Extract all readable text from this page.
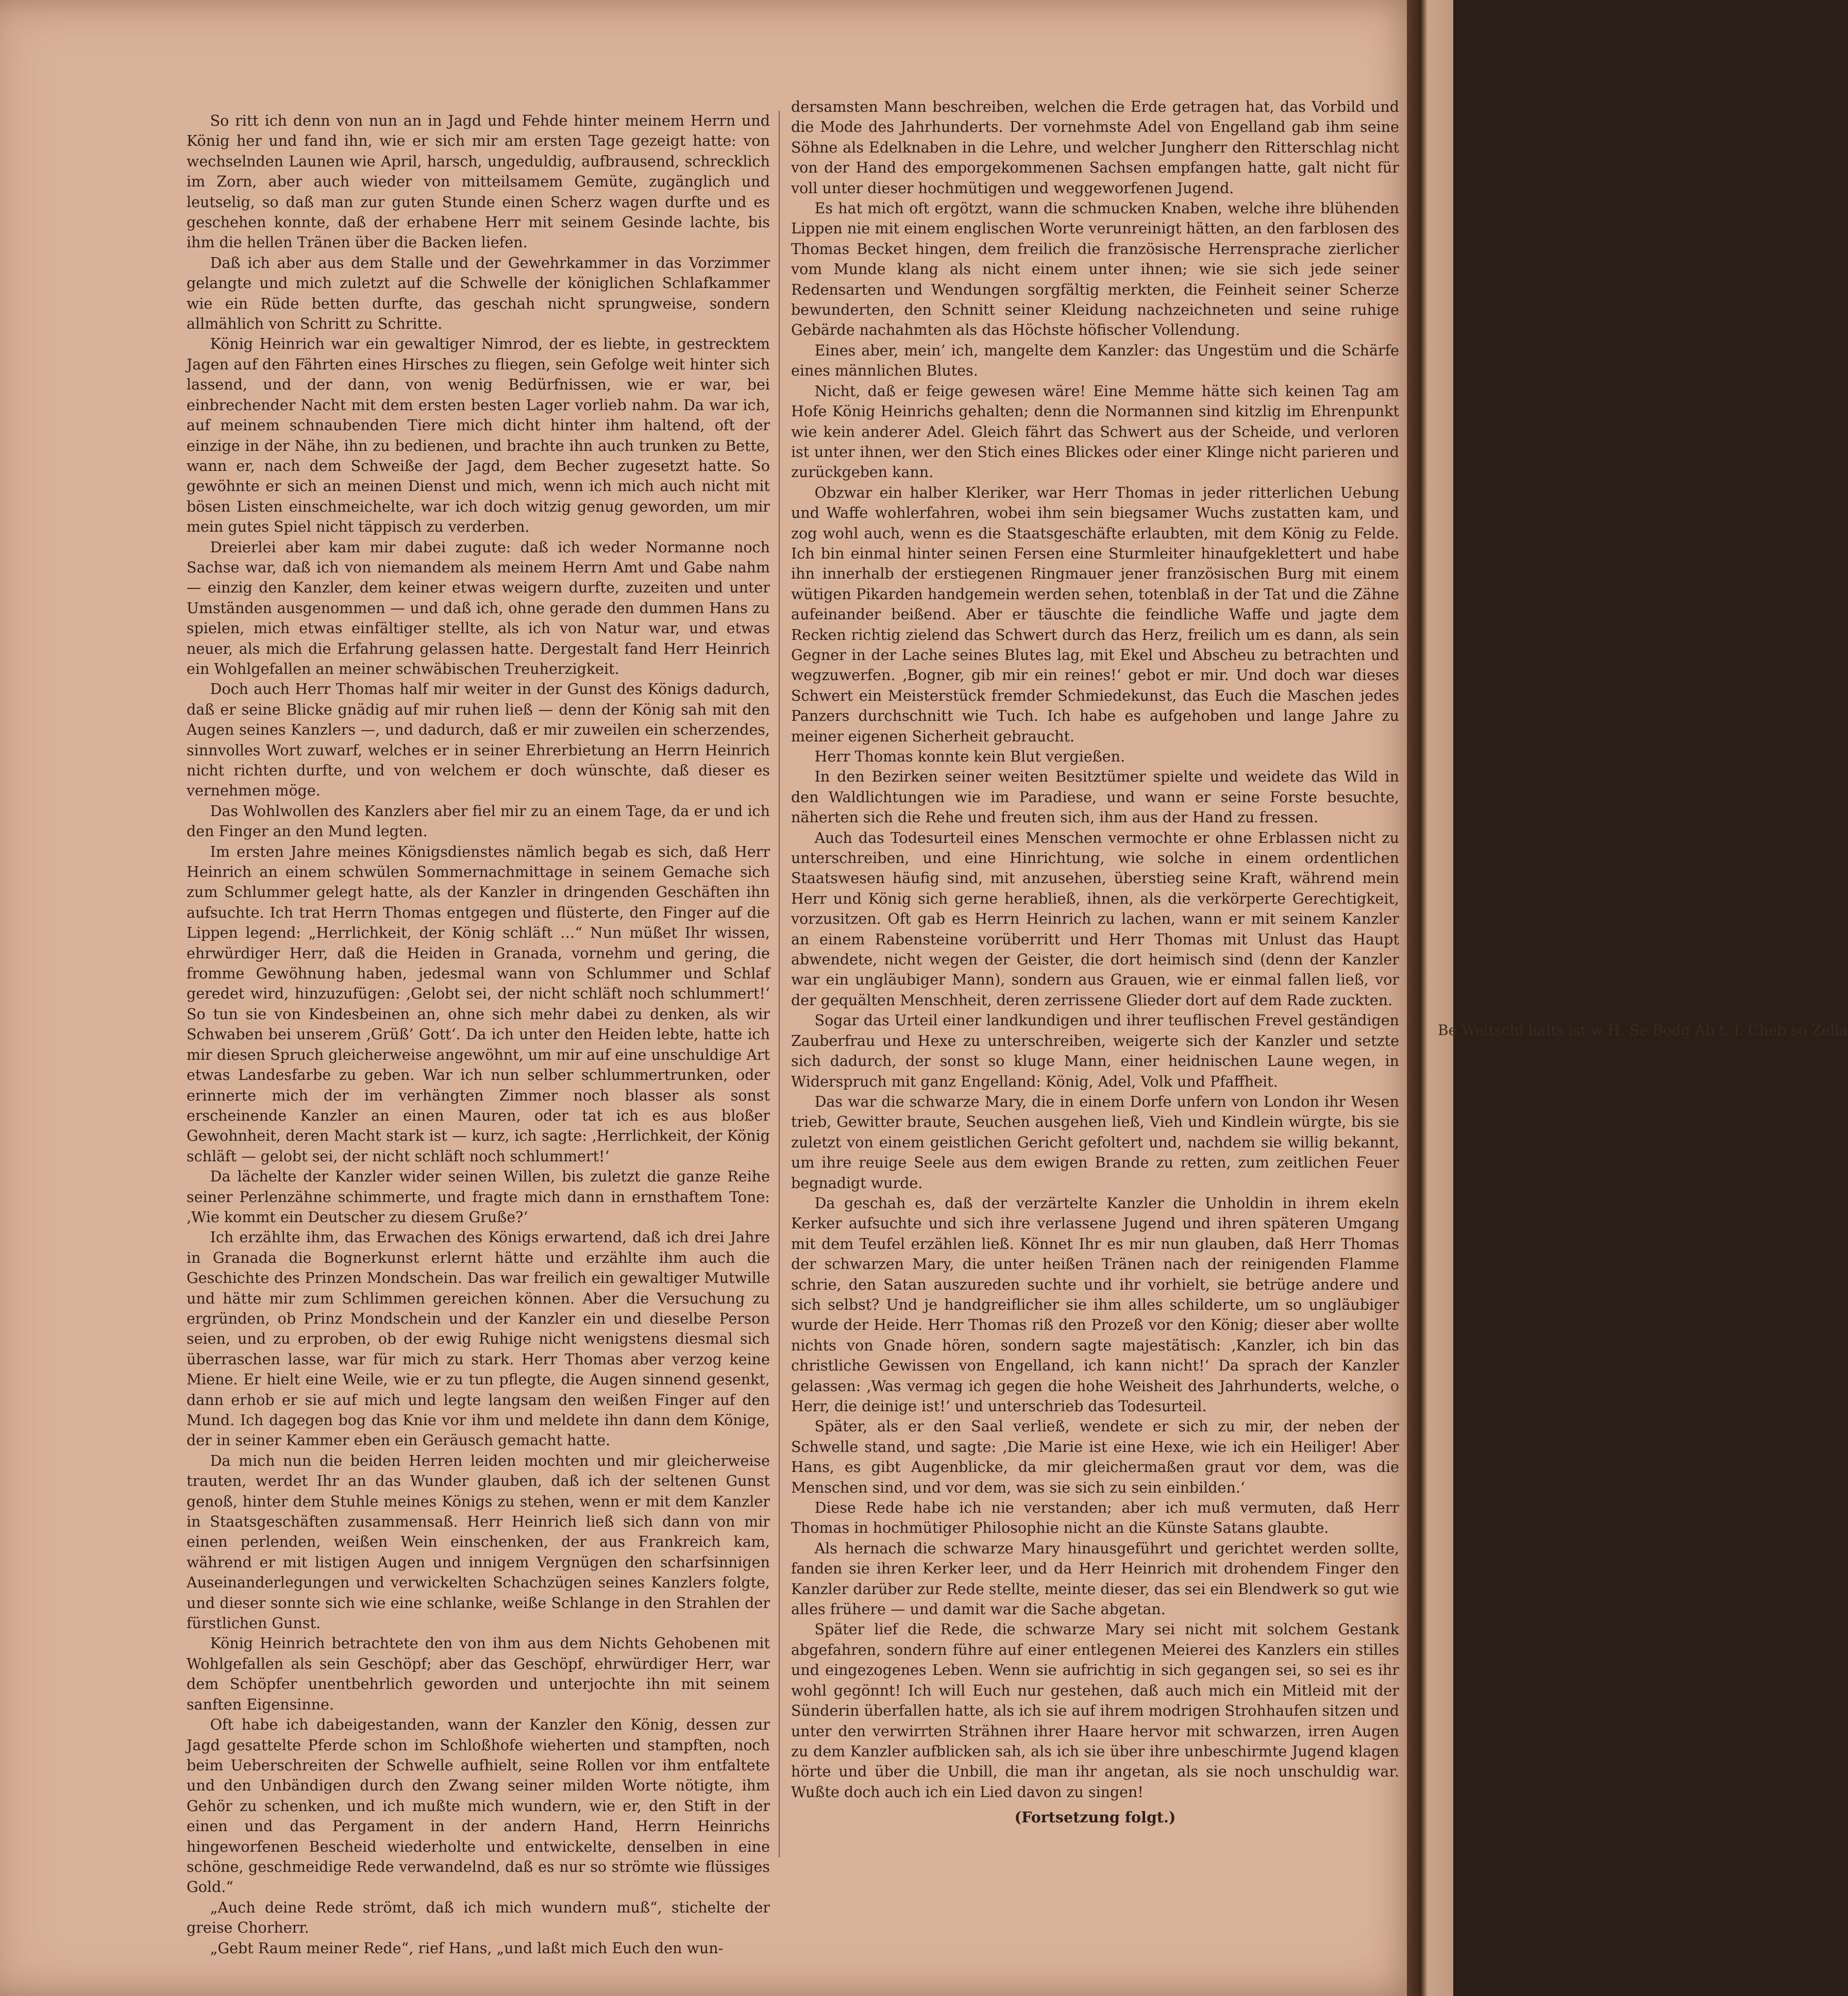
Be Weitschi halts ist w H. Se Bodg Ab t. f. Cheb so Zella

So ritt ich denn von nun an in Jagd und Fehde hinter meinem Herrn und König her und fand ihn, wie er sich mir am ersten Tage gezeigt hatte: von wechselnden Launen wie April, harsch, ungeduldig, aufbrausend, schrecklich im Zorn, aber auch wieder von mitteilsamem Gemüte, zugänglich und leutselig, so daß man zur guten Stunde einen Scherz wagen durfte und es geschehen konnte, daß der erhabene Herr mit seinem Gesinde lachte, bis ihm die hellen Tränen über die Backen liefen.

Daß ich aber aus dem Stalle und der Gewehrkammer in das Vorzimmer gelangte und mich zuletzt auf die Schwelle der königlichen Schlafkammer wie ein Rüde betten durfte, das geschah nicht sprungweise, sondern allmählich von Schritt zu Schritte.

König Heinrich war ein gewaltiger Nimrod, der es liebte, in gestrecktem Jagen auf den Fährten eines Hirsches zu fliegen, sein Gefolge weit hinter sich lassend, und der dann, von wenig Bedürfnissen, wie er war, bei einbrechender Nacht mit dem ersten besten Lager vorlieb nahm. Da war ich, auf meinem schnaubenden Tiere mich dicht hinter ihm haltend, oft der einzige in der Nähe, ihn zu bedienen, und brachte ihn auch trunken zu Bette, wann er, nach dem Schweiße der Jagd, dem Becher zugesetzt hatte. So gewöhnte er sich an meinen Dienst und mich, wenn ich mich auch nicht mit bösen Listen einschmeichelte, war ich doch witzig genug geworden, um mir mein gutes Spiel nicht täppisch zu verderben.

Dreierlei aber kam mir dabei zugute: daß ich weder Normanne noch Sachse war, daß ich von niemandem als meinem Herrn Amt und Gabe nahm — einzig den Kanzler, dem keiner etwas weigern durfte, zuzeiten und unter Umständen ausgenommen — und daß ich, ohne gerade den dummen Hans zu spielen, mich etwas einfältiger stellte, als ich von Natur war, und etwas neuer, als mich die Erfahrung gelassen hatte. Dergestalt fand Herr Heinrich ein Wohlgefallen an meiner schwäbischen Treuherzigkeit.

Doch auch Herr Thomas half mir weiter in der Gunst des Königs dadurch, daß er seine Blicke gnädig auf mir ruhen ließ — denn der König sah mit den Augen seines Kanzlers —, und dadurch, daß er mir zuweilen ein scherzendes, sinnvolles Wort zuwarf, welches er in seiner Ehrerbietung an Herrn Heinrich nicht richten durfte, und von welchem er doch wünschte, daß dieser es vernehmen möge.

Das Wohlwollen des Kanzlers aber fiel mir zu an einem Tage, da er und ich den Finger an den Mund legten.

Im ersten Jahre meines Königsdienstes nämlich begab es sich, daß Herr Heinrich an einem schwülen Sommernachmittage in seinem Gemache sich zum Schlummer gelegt hatte, als der Kanzler in dringenden Geschäften ihn aufsuchte. Ich trat Herrn Thomas entgegen und flüsterte, den Finger auf die Lippen legend: „Herrlichkeit, der König schläft …“ Nun müßet Ihr wissen, ehrwürdiger Herr, daß die Heiden in Granada, vornehm und gering, die fromme Gewöhnung haben, jedesmal wann von Schlummer und Schlaf geredet wird, hinzuzufügen: ‚Gelobt sei, der nicht schläft noch schlummert!‘ So tun sie von Kindesbeinen an, ohne sich mehr dabei zu denken, als wir Schwaben bei unserem ‚Grüß’ Gott‘. Da ich unter den Heiden lebte, hatte ich mir diesen Spruch gleicherweise angewöhnt, um mir auf eine unschuldige Art etwas Landesfarbe zu geben. War ich nun selber schlummertrunken, oder erinnerte mich der im verhängten Zimmer noch blasser als sonst erscheinende Kanzler an einen Mauren, oder tat ich es aus bloßer Gewohnheit, deren Macht stark ist — kurz, ich sagte: ‚Herrlichkeit, der König schläft — gelobt sei, der nicht schläft noch schlummert!‘

Da lächelte der Kanzler wider seinen Willen, bis zuletzt die ganze Reihe seiner Perlenzähne schimmerte, und fragte mich dann in ernsthaftem Tone: ‚Wie kommt ein Deutscher zu diesem Gruße?‘

Ich erzählte ihm, das Erwachen des Königs erwartend, daß ich drei Jahre in Granada die Bognerkunst erlernt hätte und erzählte ihm auch die Geschichte des Prinzen Mondschein. Das war freilich ein gewaltiger Mutwille und hätte mir zum Schlimmen gereichen können. Aber die Versuchung zu ergründen, ob Prinz Mondschein und der Kanzler ein und dieselbe Person seien, und zu erproben, ob der ewig Ruhige nicht wenigstens diesmal sich überraschen lasse, war für mich zu stark. Herr Thomas aber verzog keine Miene. Er hielt eine Weile, wie er zu tun pflegte, die Augen sinnend gesenkt, dann erhob er sie auf mich und legte langsam den weißen Finger auf den Mund. Ich dagegen bog das Knie vor ihm und meldete ihn dann dem Könige, der in seiner Kammer eben ein Geräusch gemacht hatte.

Da mich nun die beiden Herren leiden mochten und mir gleicherweise trauten, werdet Ihr an das Wunder glauben, daß ich der seltenen Gunst genoß, hinter dem Stuhle meines Königs zu stehen, wenn er mit dem Kanzler in Staatsgeschäften zusammensaß. Herr Heinrich ließ sich dann von mir einen perlenden, weißen Wein einschenken, der aus Frankreich kam, während er mit listigen Augen und innigem Vergnügen den scharfsinnigen Auseinanderlegungen und verwickelten Schachzügen seines Kanzlers folgte, und dieser sonnte sich wie eine schlanke, weiße Schlange in den Strahlen der fürstlichen Gunst.

König Heinrich betrachtete den von ihm aus dem Nichts Gehobenen mit Wohlgefallen als sein Geschöpf; aber das Geschöpf, ehrwürdiger Herr, war dem Schöpfer unentbehrlich geworden und unterjochte ihn mit seinem sanften Eigensinne.

Oft habe ich dabeigestanden, wann der Kanzler den König, dessen zur Jagd gesattelte Pferde schon im Schloßhofe wieherten und stampften, noch beim Ueberschreiten der Schwelle aufhielt, seine Rollen vor ihm entfaltete und den Unbändigen durch den Zwang seiner milden Worte nötigte, ihm Gehör zu schenken, und ich mußte mich wundern, wie er, den Stift in der einen und das Pergament in der andern Hand, Herrn Heinrichs hingeworfenen Bescheid wiederholte und entwickelte, denselben in eine schöne, geschmeidige Rede verwandelnd, daß es nur so strömte wie flüssiges Gold.“

„Auch deine Rede strömt, daß ich mich wundern muß“, stichelte der greise Chorherr.

„Gebt Raum meiner Rede“, rief Hans, „und laßt mich Euch den wun-

dersamsten Mann beschreiben, welchen die Erde getragen hat, das Vorbild und die Mode des Jahrhunderts. Der vornehmste Adel von Engelland gab ihm seine Söhne als Edelknaben in die Lehre, und welcher Jungherr den Ritterschlag nicht von der Hand des emporgekommenen Sachsen empfangen hatte, galt nicht für voll unter dieser hochmütigen und weggeworfenen Jugend.

Es hat mich oft ergötzt, wann die schmucken Knaben, welche ihre blühenden Lippen nie mit einem englischen Worte verunreinigt hätten, an den farblosen des Thomas Becket hingen, dem freilich die französische Herrensprache zierlicher vom Munde klang als nicht einem unter ihnen; wie sie sich jede seiner Redensarten und Wendungen sorgfältig merkten, die Feinheit seiner Scherze bewunderten, den Schnitt seiner Kleidung nachzeichneten und seine ruhige Gebärde nachahmten als das Höchste höfischer Vollendung.

Eines aber, mein’ ich, mangelte dem Kanzler: das Ungestüm und die Schärfe eines männlichen Blutes.

Nicht, daß er feige gewesen wäre! Eine Memme hätte sich keinen Tag am Hofe König Heinrichs gehalten; denn die Normannen sind kitzlig im Ehrenpunkt wie kein anderer Adel. Gleich fährt das Schwert aus der Scheide, und verloren ist unter ihnen, wer den Stich eines Blickes oder einer Klinge nicht parieren und zurückgeben kann.

Obzwar ein halber Kleriker, war Herr Thomas in jeder ritterlichen Uebung und Waffe wohlerfahren, wobei ihm sein biegsamer Wuchs zustatten kam, und zog wohl auch, wenn es die Staatsgeschäfte erlaubten, mit dem König zu Felde. Ich bin einmal hinter seinen Fersen eine Sturmleiter hinaufgeklettert und habe ihn innerhalb der erstiegenen Ringmauer jener französischen Burg mit einem wütigen Pikarden handgemein werden sehen, totenblaß in der Tat und die Zähne aufeinander beißend. Aber er täuschte die feindliche Waffe und jagte dem Recken richtig zielend das Schwert durch das Herz, freilich um es dann, als sein Gegner in der Lache seines Blutes lag, mit Ekel und Abscheu zu betrachten und wegzuwerfen. ‚Bogner, gib mir ein reines!‘ gebot er mir. Und doch war dieses Schwert ein Meisterstück fremder Schmiedekunst, das Euch die Maschen jedes Panzers durchschnitt wie Tuch. Ich habe es aufgehoben und lange Jahre zu meiner eigenen Sicherheit gebraucht.

Herr Thomas konnte kein Blut vergießen.

In den Bezirken seiner weiten Besitztümer spielte und weidete das Wild in den Waldlichtungen wie im Paradiese, und wann er seine Forste besuchte, näherten sich die Rehe und freuten sich, ihm aus der Hand zu fressen.

Auch das Todesurteil eines Menschen vermochte er ohne Erblassen nicht zu unterschreiben, und eine Hinrichtung, wie solche in einem ordentlichen Staatswesen häufig sind, mit anzusehen, überstieg seine Kraft, während mein Herr und König sich gerne herabließ, ihnen, als die verkörperte Gerechtigkeit, vorzusitzen. Oft gab es Herrn Heinrich zu lachen, wann er mit seinem Kanzler an einem Rabensteine vorüberritt und Herr Thomas mit Unlust das Haupt abwendete, nicht wegen der Geister, die dort heimisch sind (denn der Kanzler war ein ungläubiger Mann), sondern aus Grauen, wie er einmal fallen ließ, vor der gequälten Menschheit, deren zerrissene Glieder dort auf dem Rade zuckten.

Sogar das Urteil einer landkundigen und ihrer teuflischen Frevel geständigen Zauberfrau und Hexe zu unterschreiben, weigerte sich der Kanzler und setzte sich dadurch, der sonst so kluge Mann, einer heidnischen Laune wegen, in Widerspruch mit ganz Engelland: König, Adel, Volk und Pfaffheit.

Das war die schwarze Mary, die in einem Dorfe unfern von London ihr Wesen trieb, Gewitter braute, Seuchen ausgehen ließ, Vieh und Kindlein würgte, bis sie zuletzt von einem geistlichen Gericht gefoltert und, nachdem sie willig bekannt, um ihre reuige Seele aus dem ewigen Brande zu retten, zum zeitlichen Feuer begnadigt wurde.

Da geschah es, daß der verzärtelte Kanzler die Unholdin in ihrem ekeln Kerker aufsuchte und sich ihre verlassene Jugend und ihren späteren Umgang mit dem Teufel erzählen ließ. Könnet Ihr es mir nun glauben, daß Herr Thomas der schwarzen Mary, die unter heißen Tränen nach der reinigenden Flamme schrie, den Satan auszureden suchte und ihr vorhielt, sie betrüge andere und sich selbst? Und je handgreiflicher sie ihm alles schilderte, um so ungläubiger wurde der Heide. Herr Thomas riß den Prozeß vor den König; dieser aber wollte nichts von Gnade hören, sondern sagte majestätisch: ‚Kanzler, ich bin das christliche Gewissen von Engelland, ich kann nicht!‘ Da sprach der Kanzler gelassen: ‚Was vermag ich gegen die hohe Weisheit des Jahrhunderts, welche, o Herr, die deinige ist!‘ und unterschrieb das Todesurteil.

Später, als er den Saal verließ, wendete er sich zu mir, der neben der Schwelle stand, und sagte: ‚Die Marie ist eine Hexe, wie ich ein Heiliger! Aber Hans, es gibt Augenblicke, da mir gleichermaßen graut vor dem, was die Menschen sind, und vor dem, was sie sich zu sein einbilden.‘

Diese Rede habe ich nie verstanden; aber ich muß vermuten, daß Herr Thomas in hochmütiger Philosophie nicht an die Künste Satans glaubte.

Als hernach die schwarze Mary hinausgeführt und gerichtet werden sollte, fanden sie ihren Kerker leer, und da Herr Heinrich mit drohendem Finger den Kanzler darüber zur Rede stellte, meinte dieser, das sei ein Blendwerk so gut wie alles frühere — und damit war die Sache abgetan.

Später lief die Rede, die schwarze Mary sei nicht mit solchem Gestank abgefahren, sondern führe auf einer entlegenen Meierei des Kanzlers ein stilles und eingezogenes Leben. Wenn sie aufrichtig in sich gegangen sei, so sei es ihr wohl gegönnt! Ich will Euch nur gestehen, daß auch mich ein Mitleid mit der Sünderin überfallen hatte, als ich sie auf ihrem modrigen Strohhaufen sitzen und unter den verwirrten Strähnen ihrer Haare hervor mit schwarzen, irren Augen zu dem Kanzler aufblicken sah, als ich sie über ihre unbeschirmte Jugend klagen hörte und über die Unbill, die man ihr angetan, als sie noch unschuldig war. Wußte doch auch ich ein Lied davon zu singen!

(Fortsetzung folgt.)
